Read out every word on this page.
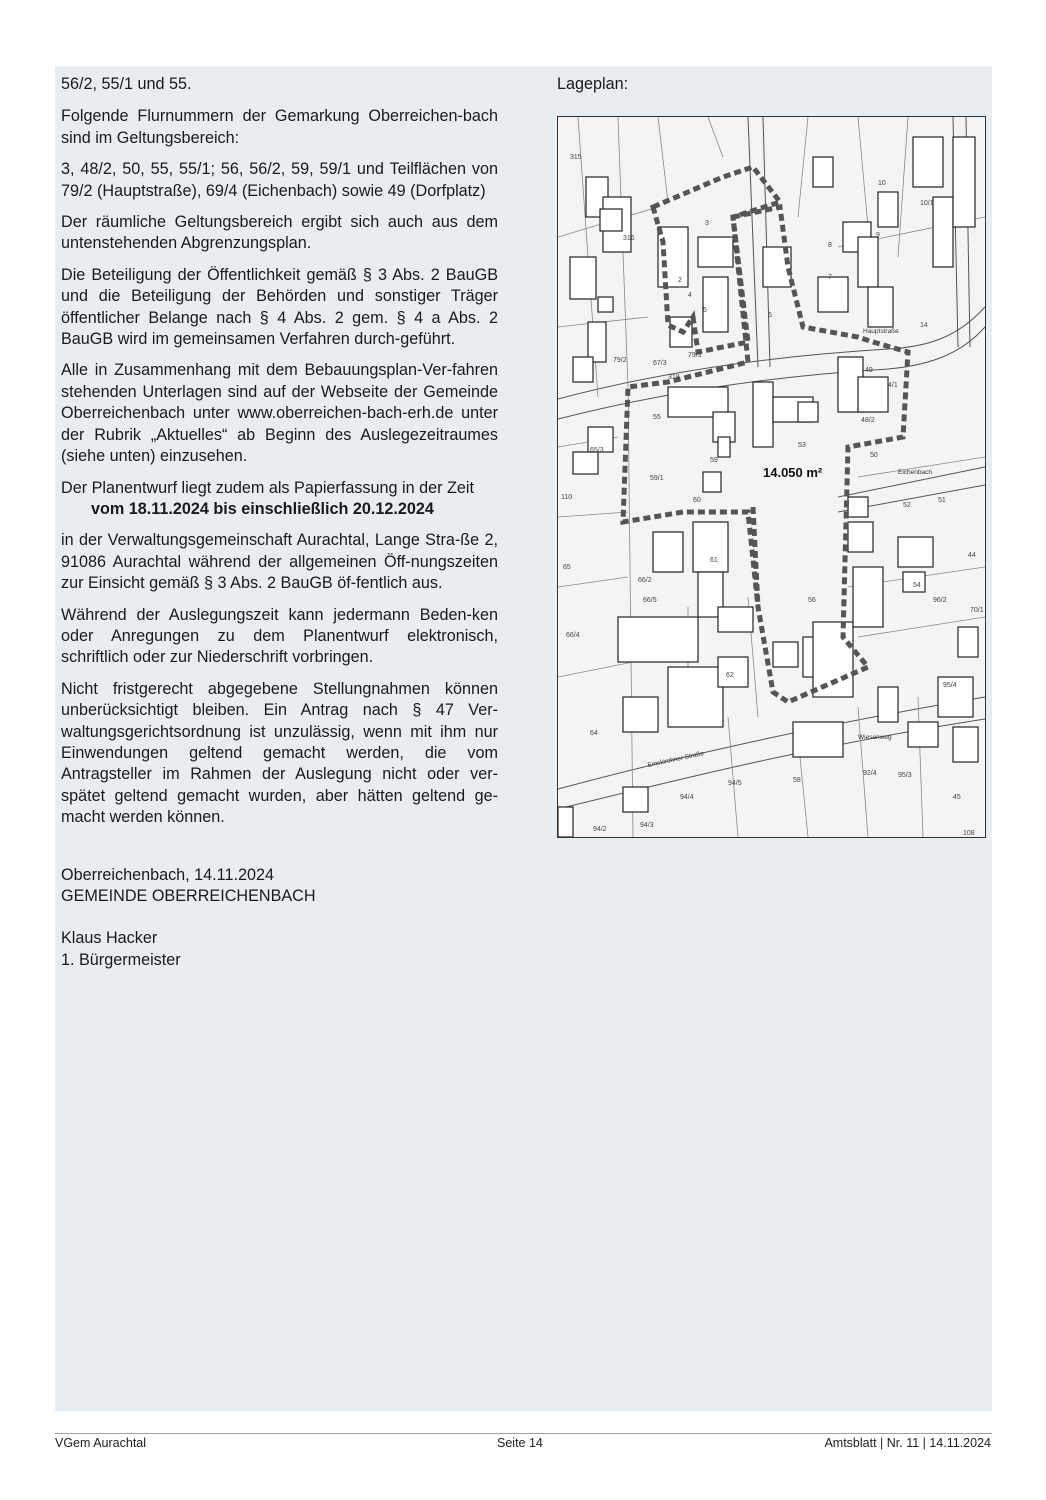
56/2, 55/1 und 55.

Folgende Flurnummern der Gemarkung Oberreichen-bach sind im Geltungsbereich:

3, 48/2, 50, 55, 55/1; 56, 56/2, 59, 59/1 und Teilflächen von 79/2 (Hauptstraße), 69/4 (Eichenbach) sowie 49 (Dorfplatz)

Der räumliche Geltungsbereich ergibt sich auch aus dem untenstehenden Abgrenzungsplan.

Die Beteiligung der Öffentlichkeit gemäß § 3 Abs. 2 BauGB und die Beteiligung der Behörden und sonstiger Träger öffentlicher Belange nach § 4 Abs. 2 gem. § 4 a Abs. 2 BauGB wird im gemeinsamen Verfahren durch-geführt.

Alle in Zusammenhang mit dem Bebauungsplan-Ver-fahren stehenden Unterlagen sind auf der Webseite der Gemeinde Oberreichenbach unter www.oberreichen-bach-erh.de unter der Rubrik „Aktuelles“ ab Beginn des Auslegezeitraumes (siehe unten) einzusehen.

Der Planentwurf liegt zudem als Papierfassung in der Zeit

vom 18.11.2024 bis einschließlich 20.12.2024

in der Verwaltungsgemeinschaft Aurachtal, Lange Stra-ße 2, 91086 Aurachtal während der allgemeinen Öff-nungszeiten zur Einsicht gemäß § 3 Abs. 2 BauGB öf-fentlich aus.

Während der Auslegungszeit kann jedermann Beden-ken oder Anregungen zu dem Planentwurf elektronisch, schriftlich oder zur Niederschrift vorbringen.

Nicht fristgerecht abgegebene Stellungnahmen können unberücksichtigt bleiben. Ein Antrag nach § 47 Ver-waltungsgerichtsordnung ist unzulässig, wenn mit ihm nur Einwendungen geltend gemacht werden, die vom Antragsteller im Rahmen der Auslegung nicht oder ver-spätet geltend gemacht wurden, aber hätten geltend ge-macht werden können.

Oberreichenbach, 14.11.2024
GEMEINDE OBERREICHENBACH
Klaus Hacker
1. Bürgermeister
Lageplan:
14.050 m²
315
316
3
1
2
4
5
6
7
8
9
10
10/1
14
4/1
49
48/2
50
51
52
54
53
56
55
59
59/1
60
61
62
64
65
66/2
66/5
66/4
65/3
67/3
79/3
79/2
318
58
94/5
94/4
94/3
94/2
92/4	95/3
95/4
96/2
70/1
44
45
108
110
Hauptstraße
Eichenbach
Emskirchner Straße
Wiesenweg
VGem Aurachtal	Seite 14	Amtsblatt | Nr. 11 | 14.11.2024
